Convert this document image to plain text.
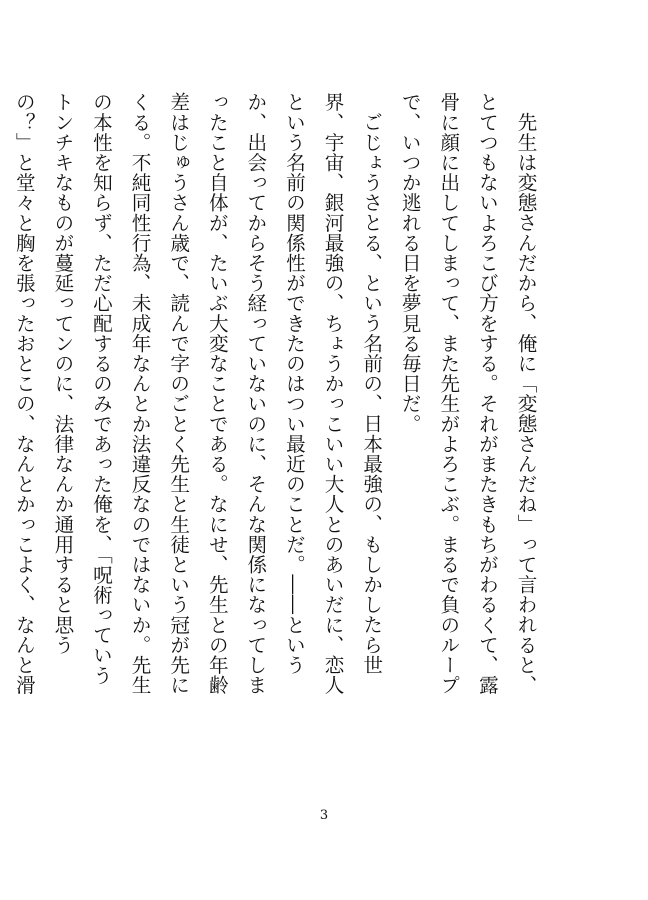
先生は変態さんだから、俺に「変態さんだね」って言われると、とてつもないよろこび方をする。それがまたきもちがわるくて、露骨に顔に出してしまって、また先生がよろこぶ。まるで負のループで、いつか逃れる日を夢見る毎日だ。

ごじょうさとる、という名前の、日本最強の、もしかしたら世界、宇宙、銀河最強の、ちょうかっこいい大人とのあいだに、恋人という名前の関係性ができたのはつい最近のことだ。――というか、出会ってからそう経っていないのに、そんな関係になってしまったこと自体が、たいぶ大変なことである。なにせ、先生との年齢差はじゅうさん歳で、読んで字のごとく先生と生徒という冠が先にくる。不純同性行為、未成年なんとか法違反なのではないか。先生の本性を知らず、ただ心配するのみであった俺を、「呪術っていうトンチキなものが蔓延ってンのに、法律なんか通用すると思うの？」と堂々と胸を張ったおとこの、なんとかっこよく、なんと滑　

3
